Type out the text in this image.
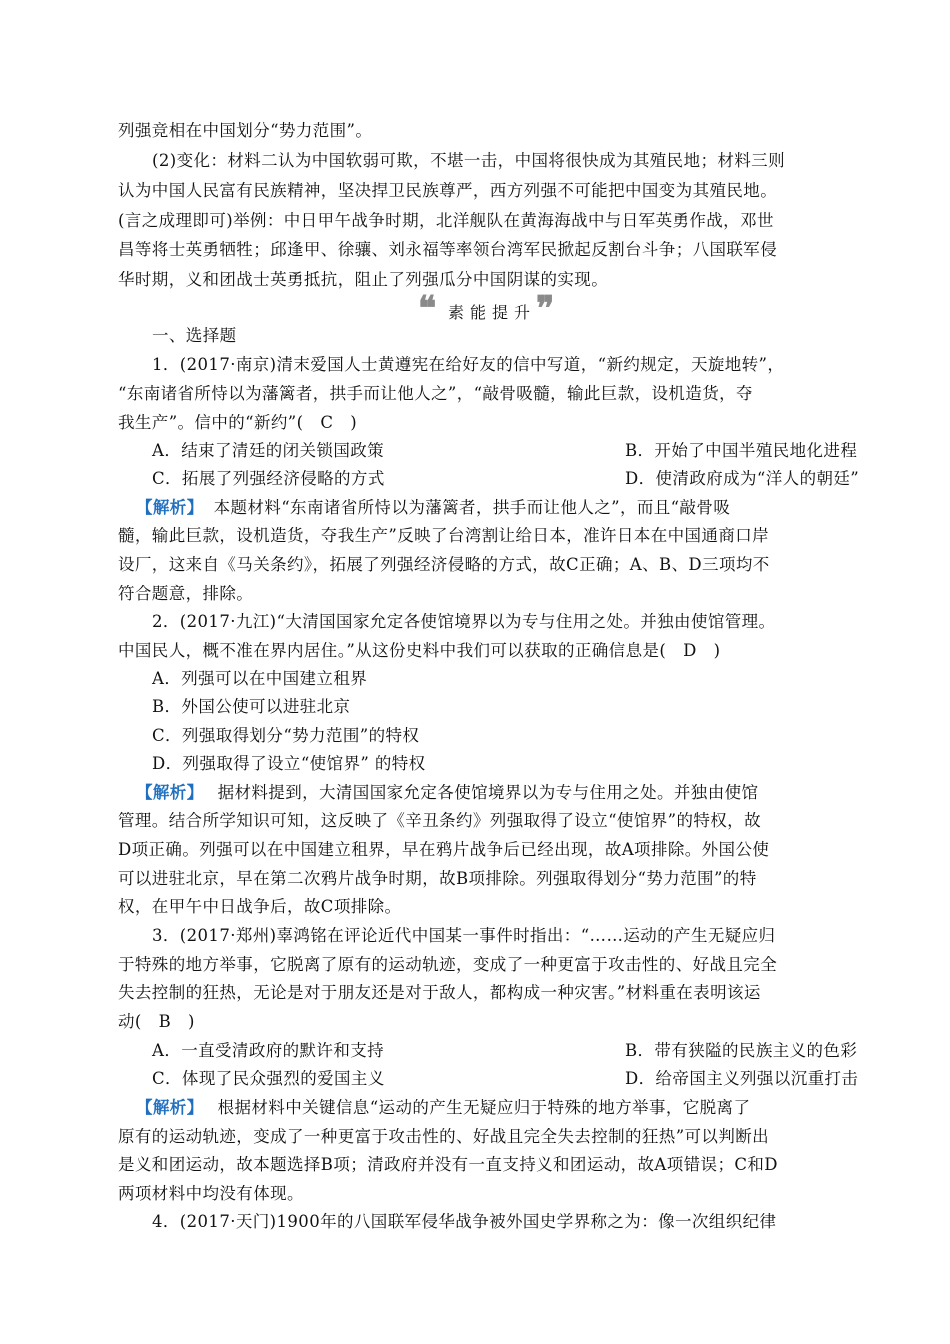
列强竞相在中国划分“势力范围”。
(2)变化：材料二认为中国软弱可欺，不堪一击，中国将很快成为其殖民地；材料三则
认为中国人民富有民族精神，坚决捍卫民族尊严，西方列强不可能把中国变为其殖民地。
(言之成理即可)举例：中日甲午战争时期，北洋舰队在黄海海战中与日军英勇作战，邓世
昌等将士英勇牺牲；邱逢甲、徐骧、刘永福等率领台湾军民掀起反割台斗争；八国联军侵
华时期，义和团战士英勇抵抗，阻止了列强瓜分中国阴谋的实现。
❝ 素能提升 ❞
一、选择题
1．(2017·南京)清末爱国人士黄遵宪在给好友的信中写道，“新约规定，天旋地转”，
“东南诸省所恃以为藩篱者，拱手而让他人之”，“敲骨吸髓，输此巨款，设机造货，夺
我生产”。信中的“新约”(　C　)
A．结束了清廷的闭关锁国政策	B．开始了中国半殖民地化进程
C．拓展了列强经济侵略的方式	D．使清政府成为“洋人的朝廷”
【解析】 本题材料“东南诸省所恃以为藩篱者，拱手而让他人之”，而且“敲骨吸
髓，输此巨款，设机造货，夺我生产”反映了台湾割让给日本，准许日本在中国通商口岸
设厂，这来自《马关条约》，拓展了列强经济侵略的方式，故C正确；A、B、D三项均不
符合题意，排除。
2．(2017·九江)“大清国国家允定各使馆境界以为专与住用之处。并独由使馆管理。
中国民人，概不准在界内居住。”从这份史料中我们可以获取的正确信息是(　D　)
A．列强可以在中国建立租界
B．外国公使可以进驻北京
C．列强取得划分“势力范围”的特权
D．列强取得了设立“使馆界” 的特权
【解析】 据材料提到，大清国国家允定各使馆境界以为专与住用之处。并独由使馆
管理。结合所学知识可知，这反映了《辛丑条约》列强取得了设立“使馆界”的特权，故
D项正确。列强可以在中国建立租界，早在鸦片战争后已经出现，故A项排除。外国公使
可以进驻北京，早在第二次鸦片战争时期，故B项排除。列强取得划分“势力范围”的特
权，在甲午中日战争后，故C项排除。
3．(2017·郑州)辜鸿铭在评论近代中国某一事件时指出：“……运动的产生无疑应归
于特殊的地方举事，它脱离了原有的运动轨迹，变成了一种更富于攻击性的、好战且完全
失去控制的狂热，无论是对于朋友还是对于敌人，都构成一种灾害。”材料重在表明该运
动(　B　)
A．一直受清政府的默许和支持	B．带有狭隘的民族主义的色彩
C．体现了民众强烈的爱国主义	D．给帝国主义列强以沉重打击
【解析】 根据材料中关键信息“运动的产生无疑应归于特殊的地方举事，它脱离了
原有的运动轨迹，变成了一种更富于攻击性的、好战且完全失去控制的狂热”可以判断出
是义和团运动，故本题选择B项；清政府并没有一直支持义和团运动，故A项错误；C和D
两项材料中均没有体现。
4．(2017·天门)1900年的八国联军侵华战争被外国史学界称之为：像一次组织纪律
